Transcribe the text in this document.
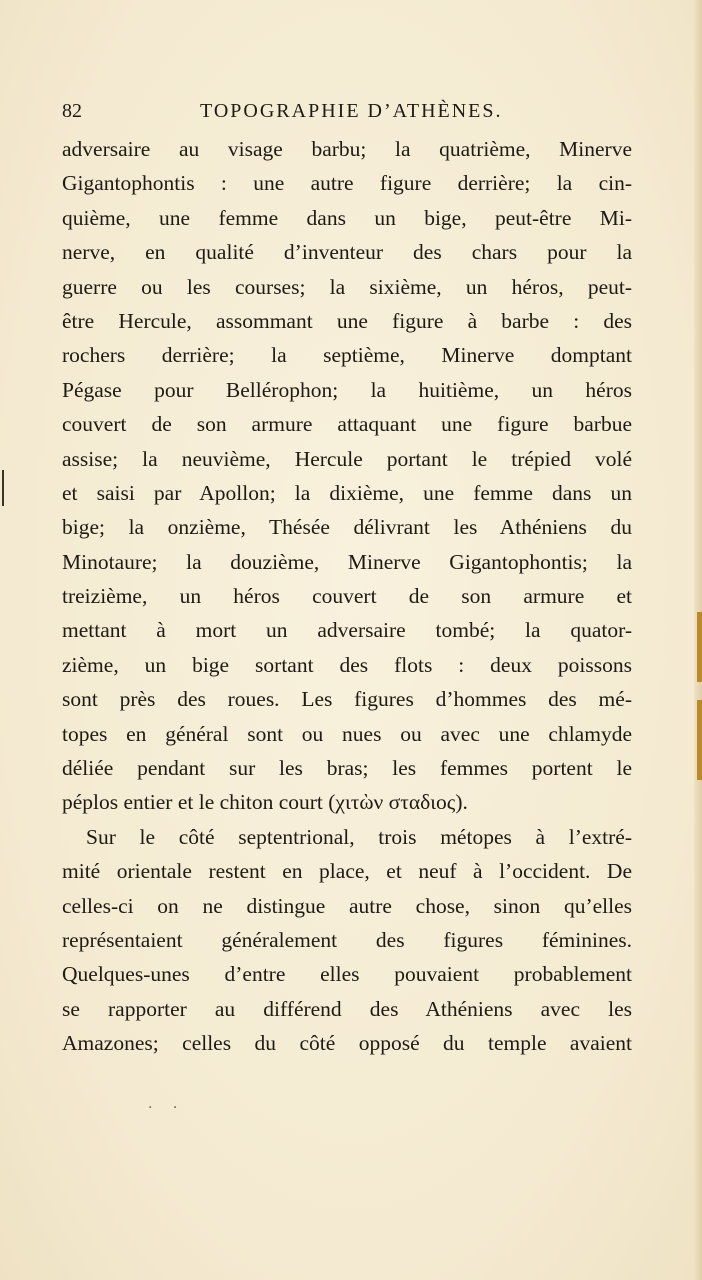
82	TOPOGRAPHIE D’ATHÈNES.
adversaire au visage barbu; la quatrième, Minerve
Gigantophontis : une autre figure derrière; la cin-
quième, une femme dans un bige, peut-être Mi-
nerve, en qualité d’inventeur des chars pour la
guerre ou les courses; la sixième, un héros, peut-
être Hercule, assommant une figure à barbe : des
rochers derrière; la septième, Minerve domptant
Pégase pour Bellérophon; la huitième, un héros
couvert de son armure attaquant une figure barbue
assise; la neuvième, Hercule portant le trépied volé
et saisi par Apollon; la dixième, une femme dans un
bige; la onzième, Thésée délivrant les Athéniens du
Minotaure; la douzième, Minerve Gigantophontis; la
treizième, un héros couvert de son armure et
mettant à mort un adversaire tombé; la quator-
zième, un bige sortant des flots : deux poissons
sont près des roues. Les figures d’hommes des mé-
topes en général sont ou nues ou avec une chlamyde
déliée pendant sur les bras; les femmes portent le
péplos entier et le chiton court (χιτὼν σταδιος).
Sur le côté septentrional, trois métopes à l’extré-
mité orientale restent en place, et neuf à l’occident. De
celles-ci on ne distingue autre chose, sinon qu’elles
représentaient généralement des figures féminines.
Quelques-unes d’entre elles pouvaient probablement
se rapporter au différend des Athéniens avec les
Amazones; celles du côté opposé du temple avaient
· ·
